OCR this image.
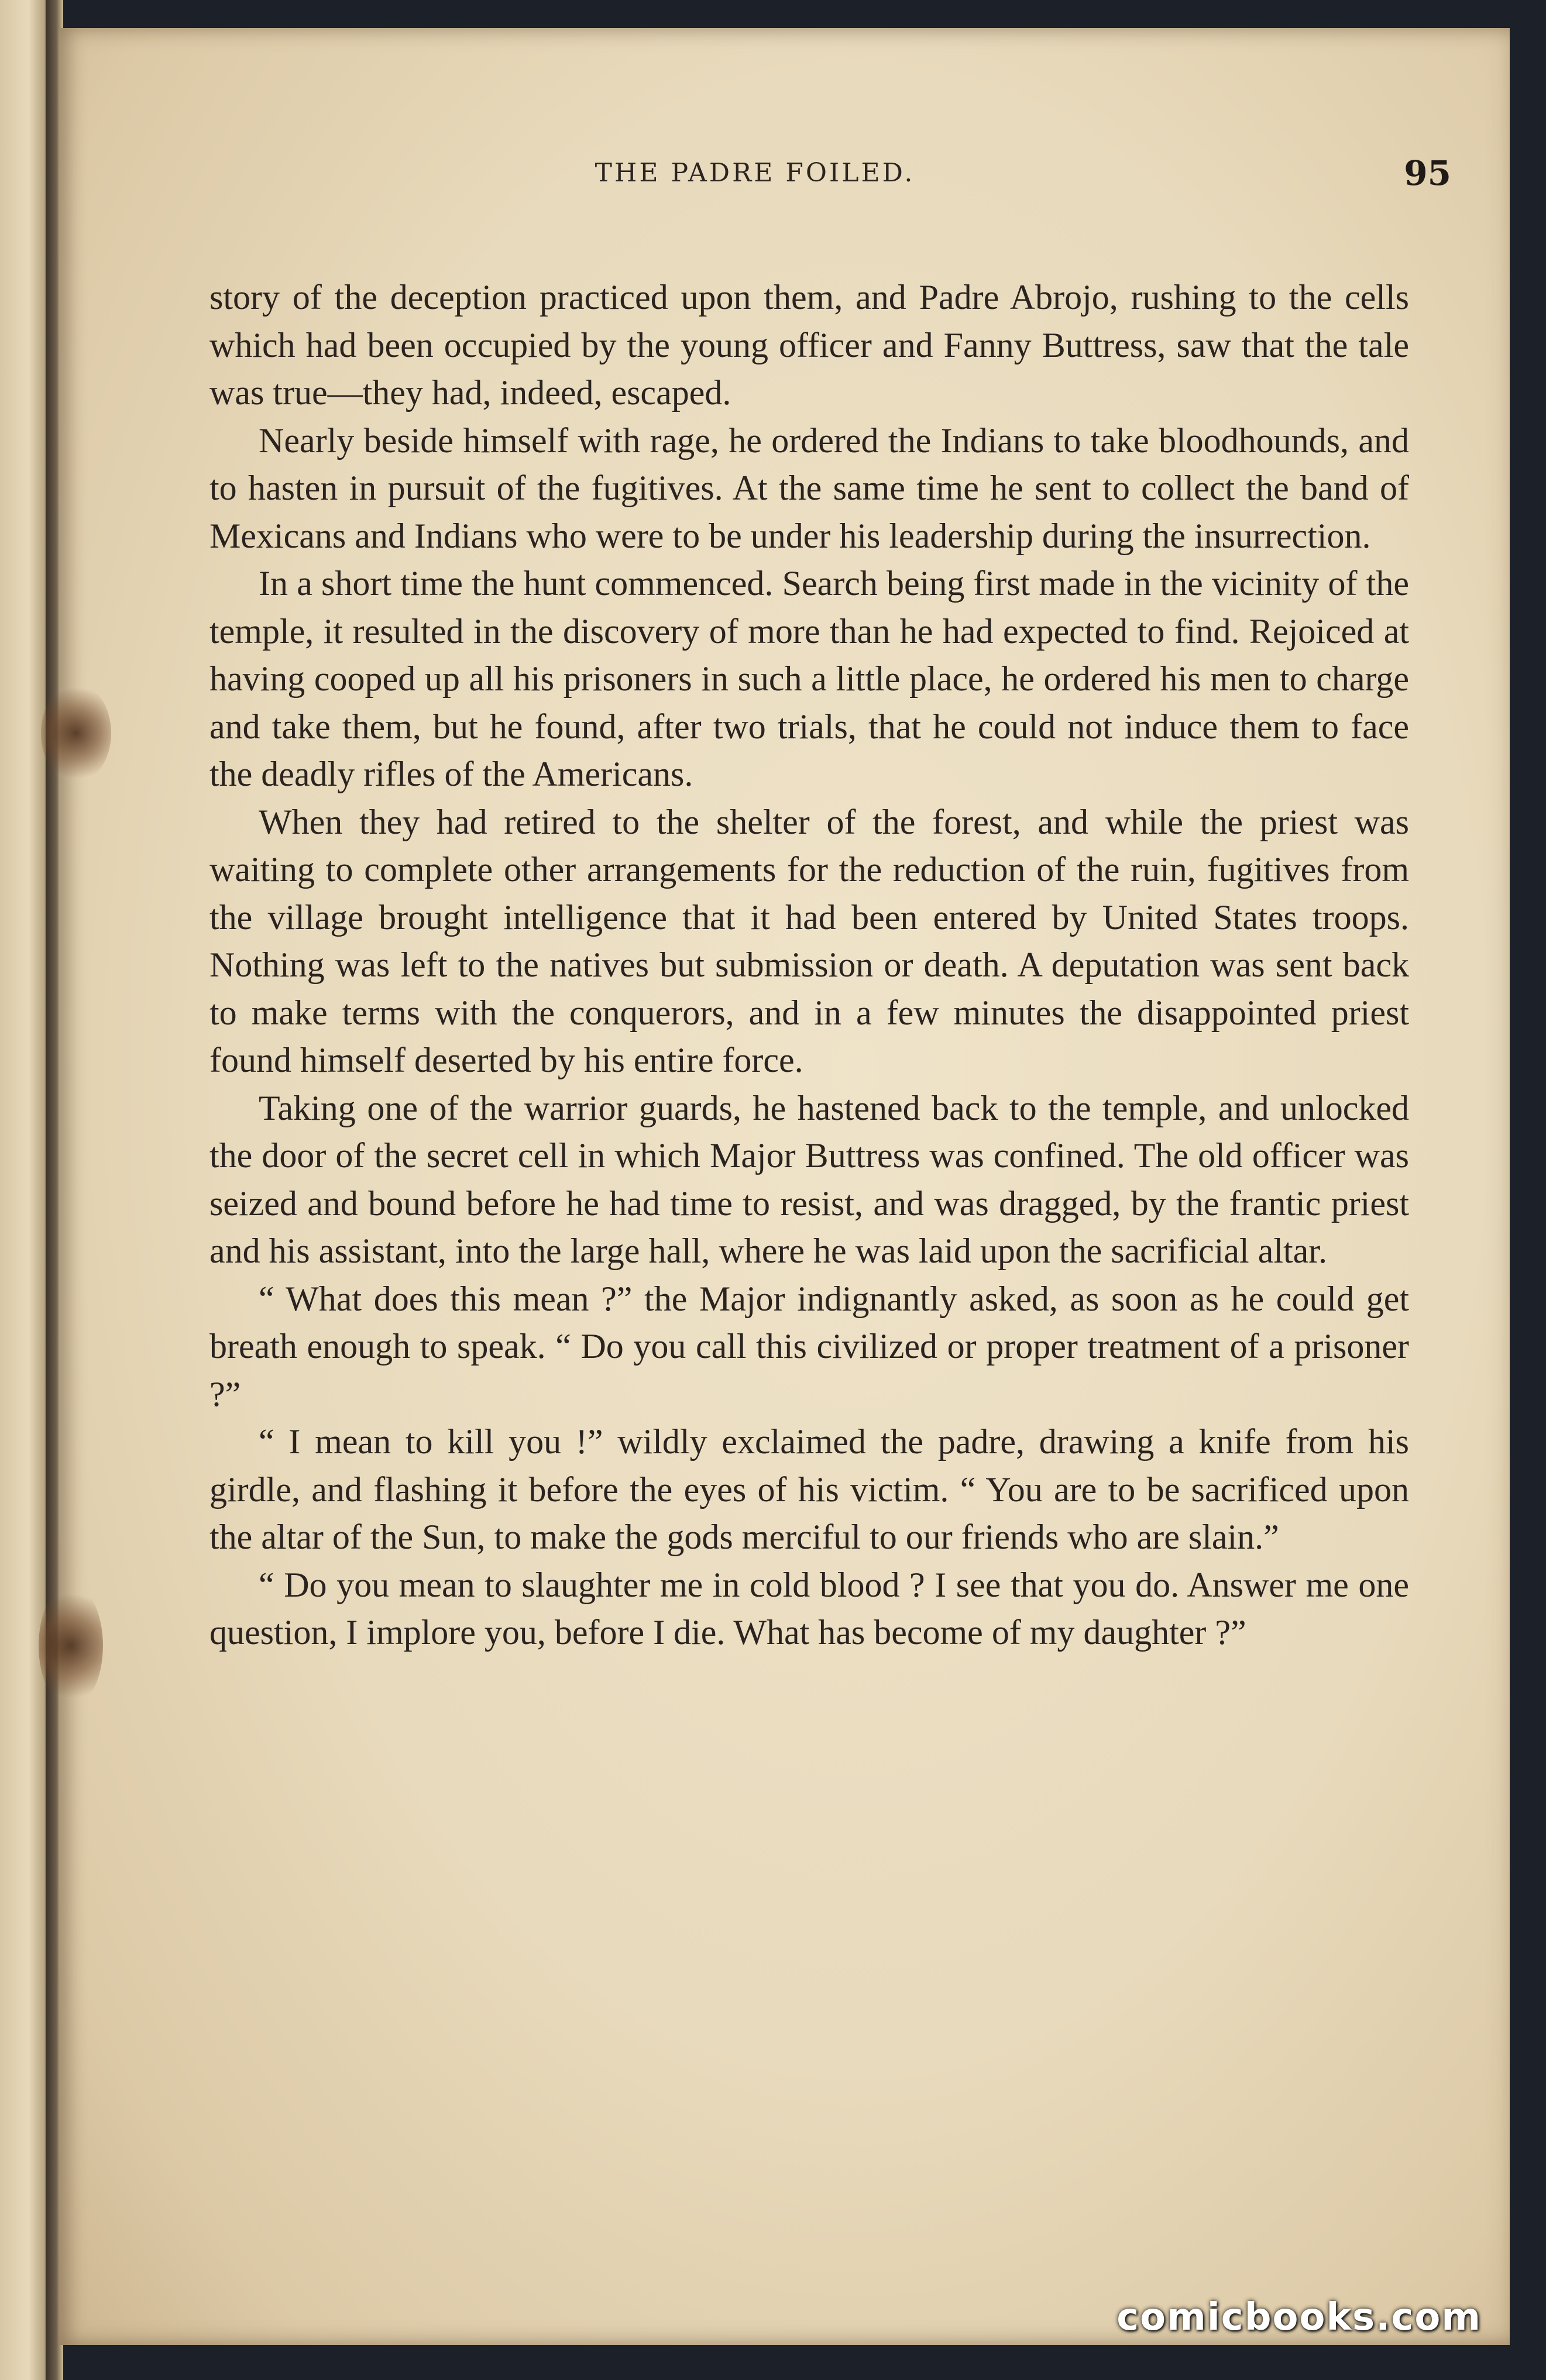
THE PADRE FOILED.	95

story of the deception practiced upon them, and Padre Abrojo, rushing to the cells which had been occupied by the young officer and Fanny Buttress, saw that the tale was true—they had, indeed, escaped.

Nearly beside himself with rage, he ordered the Indians to take bloodhounds, and to hasten in pursuit of the fugitives. At the same time he sent to collect the band of Mexicans and Indians who were to be under his leadership during the insurrection.

In a short time the hunt commenced. Search being first made in the vicinity of the temple, it resulted in the discovery of more than he had expected to find. Rejoiced at having cooped up all his prisoners in such a little place, he ordered his men to charge and take them, but he found, after two trials, that he could not induce them to face the deadly rifles of the Americans.

When they had retired to the shelter of the forest, and while the priest was waiting to complete other arrangements for the reduction of the ruin, fugitives from the village brought intelligence that it had been entered by United States troops. Nothing was left to the natives but submission or death. A deputation was sent back to make terms with the conquerors, and in a few minutes the disappointed priest found himself deserted by his entire force.

Taking one of the warrior guards, he hastened back to the temple, and unlocked the door of the secret cell in which Major Buttress was confined. The old officer was seized and bound before he had time to resist, and was dragged, by the frantic priest and his assistant, into the large hall, where he was laid upon the sacrificial altar.

“ What does this mean ?” the Major indignantly asked, as soon as he could get breath enough to speak. “ Do you call this civilized or proper treatment of a prisoner ?”

“ I mean to kill you !” wildly exclaimed the padre, drawing a knife from his girdle, and flashing it before the eyes of his victim. “ You are to be sacrificed upon the altar of the Sun, to make the gods merciful to our friends who are slain.”

“ Do you mean to slaughter me in cold blood ? I see that you do. Answer me one question, I implore you, before I die. What has become of my daughter ?”

comicbooks.com
